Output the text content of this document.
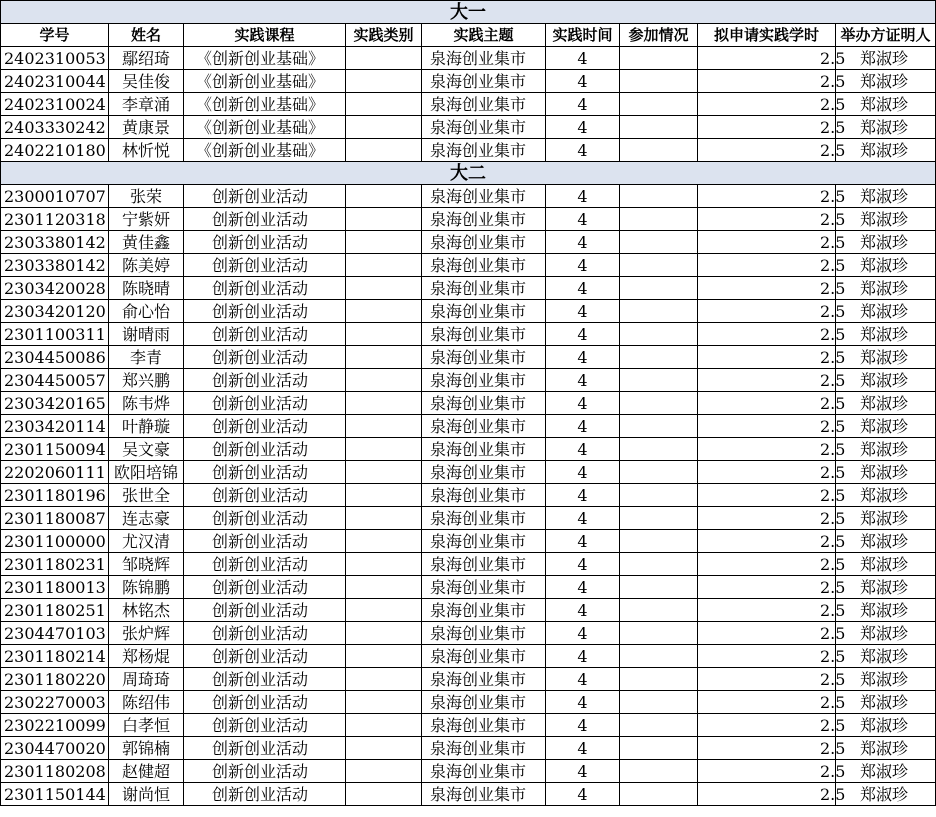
大一								
学号	姓名	实践课程	实践类别	实践主题	实践时间	参加情况	拟申请实践学时	举办方证明人
2402310053	鄢绍琦	《创新创业基础》		泉海创业集市	4		2.5	郑淑珍
2402310044	吴佳俊	《创新创业基础》		泉海创业集市	4		2.5	郑淑珍
2402310024	李章涌	《创新创业基础》		泉海创业集市	4		2.5	郑淑珍
2403330242	黄康景	《创新创业基础》		泉海创业集市	4		2.5	郑淑珍
2402210180	林忻悦	《创新创业基础》		泉海创业集市	4		2.5	郑淑珍
大二								
2300010707	张荣	创新创业活动		泉海创业集市	4		2.5	郑淑珍
2301120318	宁紫妍	创新创业活动		泉海创业集市	4		2.5	郑淑珍
2303380142	黄佳鑫	创新创业活动		泉海创业集市	4		2.5	郑淑珍
2303380142	陈美婷	创新创业活动		泉海创业集市	4		2.5	郑淑珍
2303420028	陈晓晴	创新创业活动		泉海创业集市	4		2.5	郑淑珍
2303420120	俞心怡	创新创业活动		泉海创业集市	4		2.5	郑淑珍
2301100311	谢晴雨	创新创业活动		泉海创业集市	4		2.5	郑淑珍
2304450086	李青	创新创业活动		泉海创业集市	4		2.5	郑淑珍
2304450057	郑兴鹏	创新创业活动		泉海创业集市	4		2.5	郑淑珍
2303420165	陈韦烨	创新创业活动		泉海创业集市	4		2.5	郑淑珍
2303420114	叶静璇	创新创业活动		泉海创业集市	4		2.5	郑淑珍
2301150094	吴文豪	创新创业活动		泉海创业集市	4		2.5	郑淑珍
2202060111	欧阳培锦	创新创业活动		泉海创业集市	4		2.5	郑淑珍
2301180196	张世全	创新创业活动		泉海创业集市	4		2.5	郑淑珍
2301180087	连志豪	创新创业活动		泉海创业集市	4		2.5	郑淑珍
2301100000	尤汉清	创新创业活动		泉海创业集市	4		2.5	郑淑珍
2301180231	邹晓辉	创新创业活动		泉海创业集市	4		2.5	郑淑珍
2301180013	陈锦鹏	创新创业活动		泉海创业集市	4		2.5	郑淑珍
2301180251	林铭杰	创新创业活动		泉海创业集市	4		2.5	郑淑珍
2304470103	张炉辉	创新创业活动		泉海创业集市	4		2.5	郑淑珍
2301180214	郑杨焜	创新创业活动		泉海创业集市	4		2.5	郑淑珍
2301180220	周琦琦	创新创业活动		泉海创业集市	4		2.5	郑淑珍
2302270003	陈绍伟	创新创业活动		泉海创业集市	4		2.5	郑淑珍
2302210099	白孝恒	创新创业活动		泉海创业集市	4		2.5	郑淑珍
2304470020	郭锦楠	创新创业活动		泉海创业集市	4		2.5	郑淑珍
2301180208	赵健超	创新创业活动		泉海创业集市	4		2.5	郑淑珍
2301150144	谢尚恒	创新创业活动		泉海创业集市	4		2.5	郑淑珍
